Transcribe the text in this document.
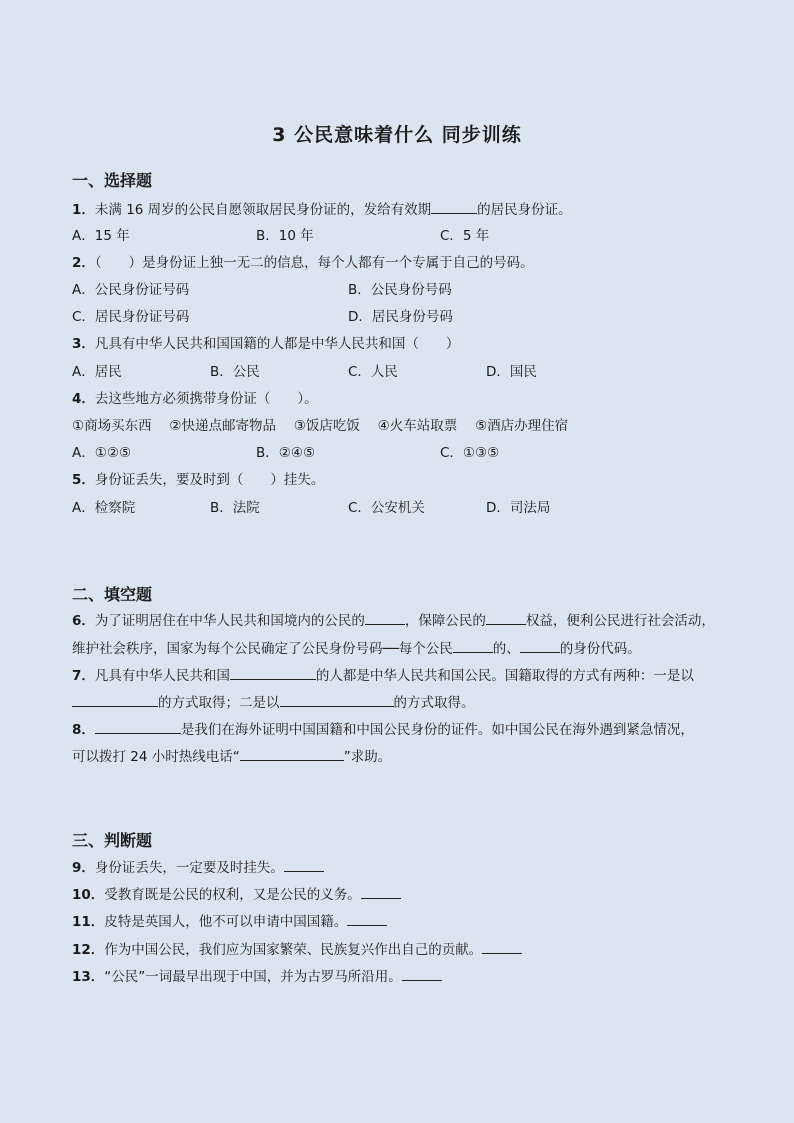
3 公民意味着什么 同步训练
一、选择题
1．未满 16 周岁的公民自愿领取居民身份证的，发给有效期	的居民身份证。
A．15 年	B．10 年	C．5 年
2．（　　）是身份证上独一无二的信息，每个人都有一个专属于自己的号码。
A．公民身份证号码	B．公民身份号码
C．居民身份证号码	D．居民身份号码
3．凡具有中华人民共和国国籍的人都是中华人民共和国（　　）
A．居民	B．公民	C．人民	D．国民
4．去这些地方必须携带身份证（　　）。
①商场买东西　 ②快递点邮寄物品　 ③饭店吃饭　 ④火车站取票　 ⑤酒店办理住宿
A．①②⑤	B．②④⑤	C．①③⑤
5．身份证丢失，要及时到（　　）挂失。
A．检察院	B．法院	C．公安机关	D．司法局
二、填空题
6．为了证明居住在中华人民共和国境内的公民的	，保障公民的	权益，便利公民进行社会活动，
维护社会秩序，国家为每个公民确定了公民身份号码──每个公民	的、	的身份代码。
7．凡具有中华人民共和国	的人都是中华人民共和国公民。国籍取得的方式有两种：一是以
的方式取得；二是以	的方式取得。
8．	是我们在海外证明中国国籍和中国公民身份的证件。如中国公民在海外遇到紧急情况，
可以拨打 24 小时热线电话“	”求助。
三、判断题
9．身份证丢失，一定要及时挂失。
10．受教育既是公民的权利，又是公民的义务。
11．皮特是英国人，他不可以申请中国国籍。
12．作为中国公民，我们应为国家繁荣、民族复兴作出自己的贡献。
13．“公民”一词最早出现于中国，并为古罗马所沿用。
